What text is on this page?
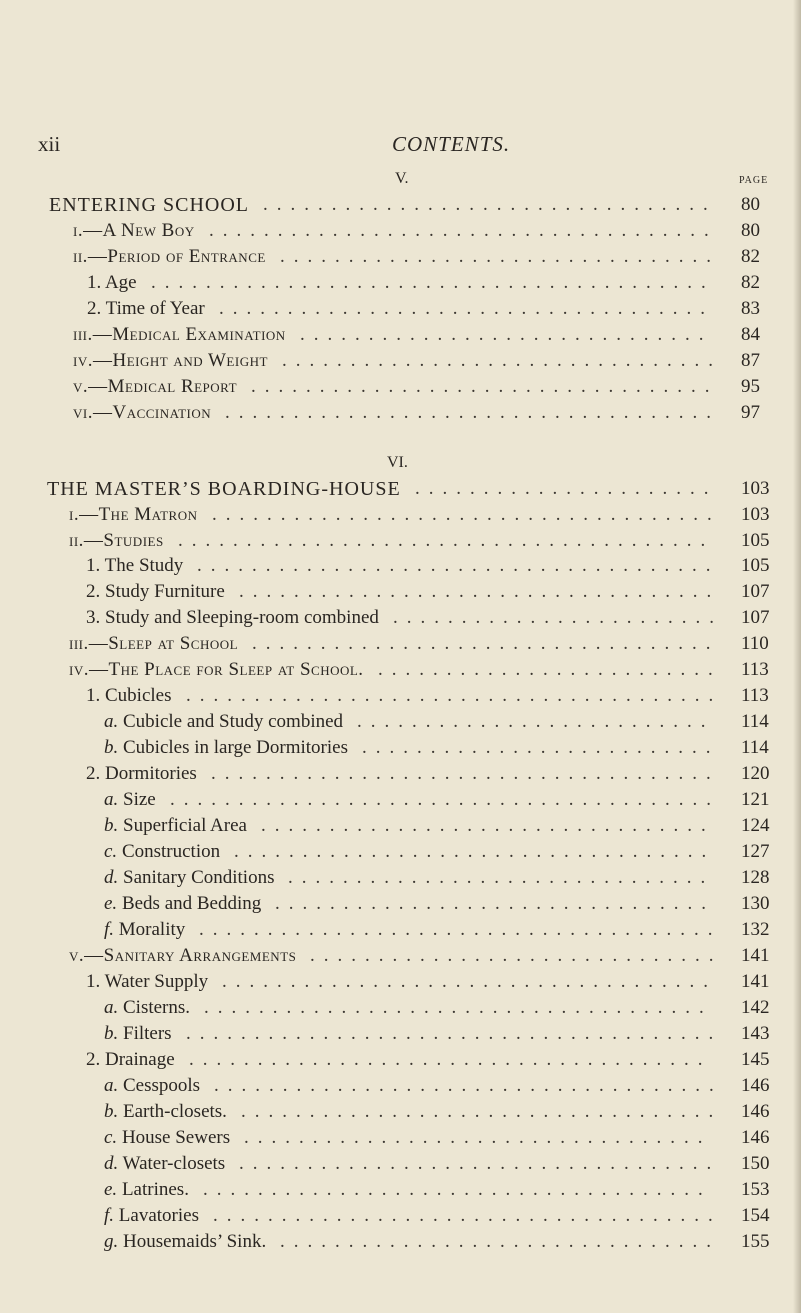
xii	CONTENTS.
V.	PAGE
VI.
ENTERING SCHOOL ................................. 80
i.—A New Boy ..................................... 80
ii.—Period of Entrance ................................ 82
1. Age ......................................... 82
2. Time of Year .................................... 83
iii.—Medical Examination .............................. 84
iv.—Height and Weight ................................ 87
v.—Medical Report .................................. 95
vi.—Vaccination .................................... 97
THE MASTER’S BOARDING-HOUSE ...................... 103
i.—The Matron ..................................... 103
ii.—Studies ....................................... 105
1. The Study ...................................... 105
2. Study Furniture ................................... 107
3. Study and Sleeping-room combined ........................ 107
iii.—Sleep at School .................................. 110
iv.—The Place for Sleep at School. ......................... 113
1. Cubicles ....................................... 113
a. Cubicle and Study combined .......................... 114
b. Cubicles in large Dormitories .......................... 114
2. Dormitories ..................................... 120
a. Size ........................................ 121
b. Superficial Area ................................. 124
c. Construction ................................... 127
d. Sanitary Conditions ............................... 128
e. Beds and Bedding ................................ 130
f. Morality ...................................... 132
v.—Sanitary Arrangements .............................. 141
1. Water Supply .................................... 141
a. Cisterns. ..................................... 142
b. Filters ....................................... 143
2. Drainage ...................................... 145
a. Cesspools ..................................... 146
b. Earth-closets. ................................... 146
c. House Sewers .................................. 146
d. Water-closets ................................... 150
e. Latrines. ..................................... 153
f. Lavatories ..................................... 154
g. Housemaids’ Sink. ................................ 155
